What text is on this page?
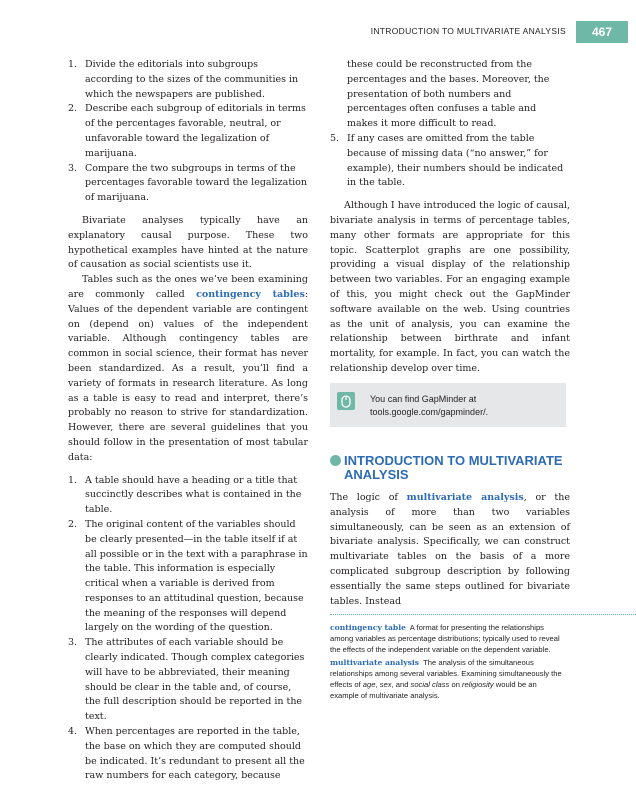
INTRODUCTION TO MULTIVARIATE ANALYSIS	467
1. Divide the editorials into subgroups according to the sizes of the communities in which the newspapers are published.
2. Describe each subgroup of editorials in terms of the percentages favorable, neutral, or unfavorable toward the legalization of marijuana.
3. Compare the two subgroups in terms of the percentages favorable toward the legalization of marijuana.

Bivariate analyses typically have an explanatory causal purpose. These two hypothetical examples have hinted at the nature of causation as social scientists use it.

Tables such as the ones we’ve been examining are commonly called contingency tables: Values of the dependent variable are contingent on (depend on) values of the independent variable. Although contingency tables are common in social science, their format has never been standardized. As a result, you’ll find a variety of formats in research literature. As long as a table is easy to read and interpret, there’s probably no reason to strive for standardization. However, there are several guidelines that you should follow in the presentation of most tabular data:

1. A table should have a heading or a title that succinctly describes what is contained in the table.
2. The original content of the variables should be clearly presented—in the table itself if at all possible or in the text with a paraphrase in the table. This information is especially critical when a variable is derived from responses to an attitudinal question, because the meaning of the responses will depend largely on the wording of the question.
3. The attributes of each variable should be clearly indicated. Though complex categories will have to be abbreviated, their meaning should be clear in the table and, of course, the full description should be reported in the text.
4. When percentages are reported in the table, the base on which they are computed should be indicated. It’s redundant to present all the raw numbers for each category, because
these could be reconstructed from the percentages and the bases. Moreover, the presentation of both numbers and percentages often confuses a table and makes it more difficult to read.
5. If any cases are omitted from the table because of missing data (“no answer,” for example), their numbers should be indicated in the table.

Although I have introduced the logic of causal, bivariate analysis in terms of percentage tables, many other formats are appropriate for this topic. Scatterplot graphs are one possibility, providing a visual display of the relationship between two variables. For an engaging example of this, you might check out the GapMinder software available on the web. Using countries as the unit of analysis, you can examine the relationship between birthrate and infant mortality, for example. In fact, you can watch the relationship develop over time.

You can find GapMinder at tools.google.com/gapminder/.
INTRODUCTION TO MULTIVARIATE ANALYSIS

The logic of multivariate analysis, or the analysis of more than two variables simultaneously, can be seen as an extension of bivariate analysis. Specifically, we can construct multivariate tables on the basis of a more complicated subgroup description by following essentially the same steps outlined for bivariate tables. Instead

contingency table A format for presenting the relationships among variables as percentage distributions; typically used to reveal the effects of the independent variable on the dependent variable.
multivariate analysis The analysis of the simultaneous relationships among several variables. Examining simultaneously the effects of age, sex, and social class on religiosity would be an example of multivariate analysis.
